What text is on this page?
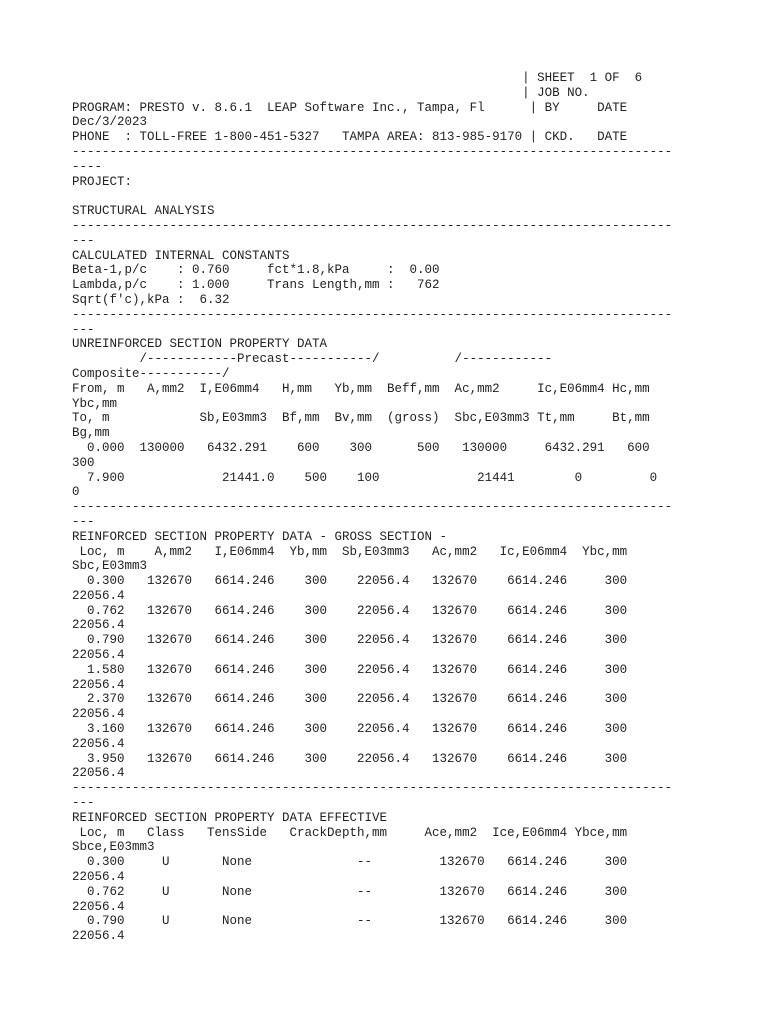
| SHEET  1 OF  6
| JOB NO.
PROGRAM: PRESTO v. 8.6.1  LEAP Software Inc., Tampa, Fl      | BY     DATE
Dec/3/2023
PHONE  : TOLL-FREE 1-800-451-5327   TAMPA AREA: 813-985-9170 | CKD.   DATE
--------------------------------------------------------------------------------
----
PROJECT:
STRUCTURAL ANALYSIS
--------------------------------------------------------------------------------
---
CALCULATED INTERNAL CONSTANTS
Beta-1,p/c    : 0.760     fct*1.8,kPa     :  0.00
Lambda,p/c    : 1.000     Trans Length,mm :   762
Sqrt(f'c),kPa :  6.32
--------------------------------------------------------------------------------
---
UNREINFORCED SECTION PROPERTY DATA
/------------Precast-----------/          /------------
Composite-----------/
From, m   A,mm2  I,E06mm4   H,mm   Yb,mm  Beff,mm  Ac,mm2     Ic,E06mm4 Hc,mm
Ybc,mm
To, m            Sb,E03mm3  Bf,mm  Bv,mm  (gross)  Sbc,E03mm3 Tt,mm     Bt,mm
Bg,mm
0.000  130000   6432.291    600    300      500   130000     6432.291   600
300
7.900             21441.0    500    100             21441        0         0
0
--------------------------------------------------------------------------------
---
REINFORCED SECTION PROPERTY DATA - GROSS SECTION -
Loc, m    A,mm2   I,E06mm4  Yb,mm  Sb,E03mm3   Ac,mm2   Ic,E06mm4  Ybc,mm
Sbc,E03mm3
0.300   132670   6614.246    300    22056.4   132670    6614.246     300
22056.4
0.762   132670   6614.246    300    22056.4   132670    6614.246     300
22056.4
0.790   132670   6614.246    300    22056.4   132670    6614.246     300
22056.4
1.580   132670   6614.246    300    22056.4   132670    6614.246     300
22056.4
2.370   132670   6614.246    300    22056.4   132670    6614.246     300
22056.4
3.160   132670   6614.246    300    22056.4   132670    6614.246     300
22056.4
3.950   132670   6614.246    300    22056.4   132670    6614.246     300
22056.4
--------------------------------------------------------------------------------
---
REINFORCED SECTION PROPERTY DATA EFFECTIVE
Loc, m   Class   TensSide   CrackDepth,mm     Ace,mm2  Ice,E06mm4 Ybce,mm
Sbce,E03mm3
0.300     U       None              --         132670   6614.246     300
22056.4
0.762     U       None              --         132670   6614.246     300
22056.4
0.790     U       None              --         132670   6614.246     300
22056.4
